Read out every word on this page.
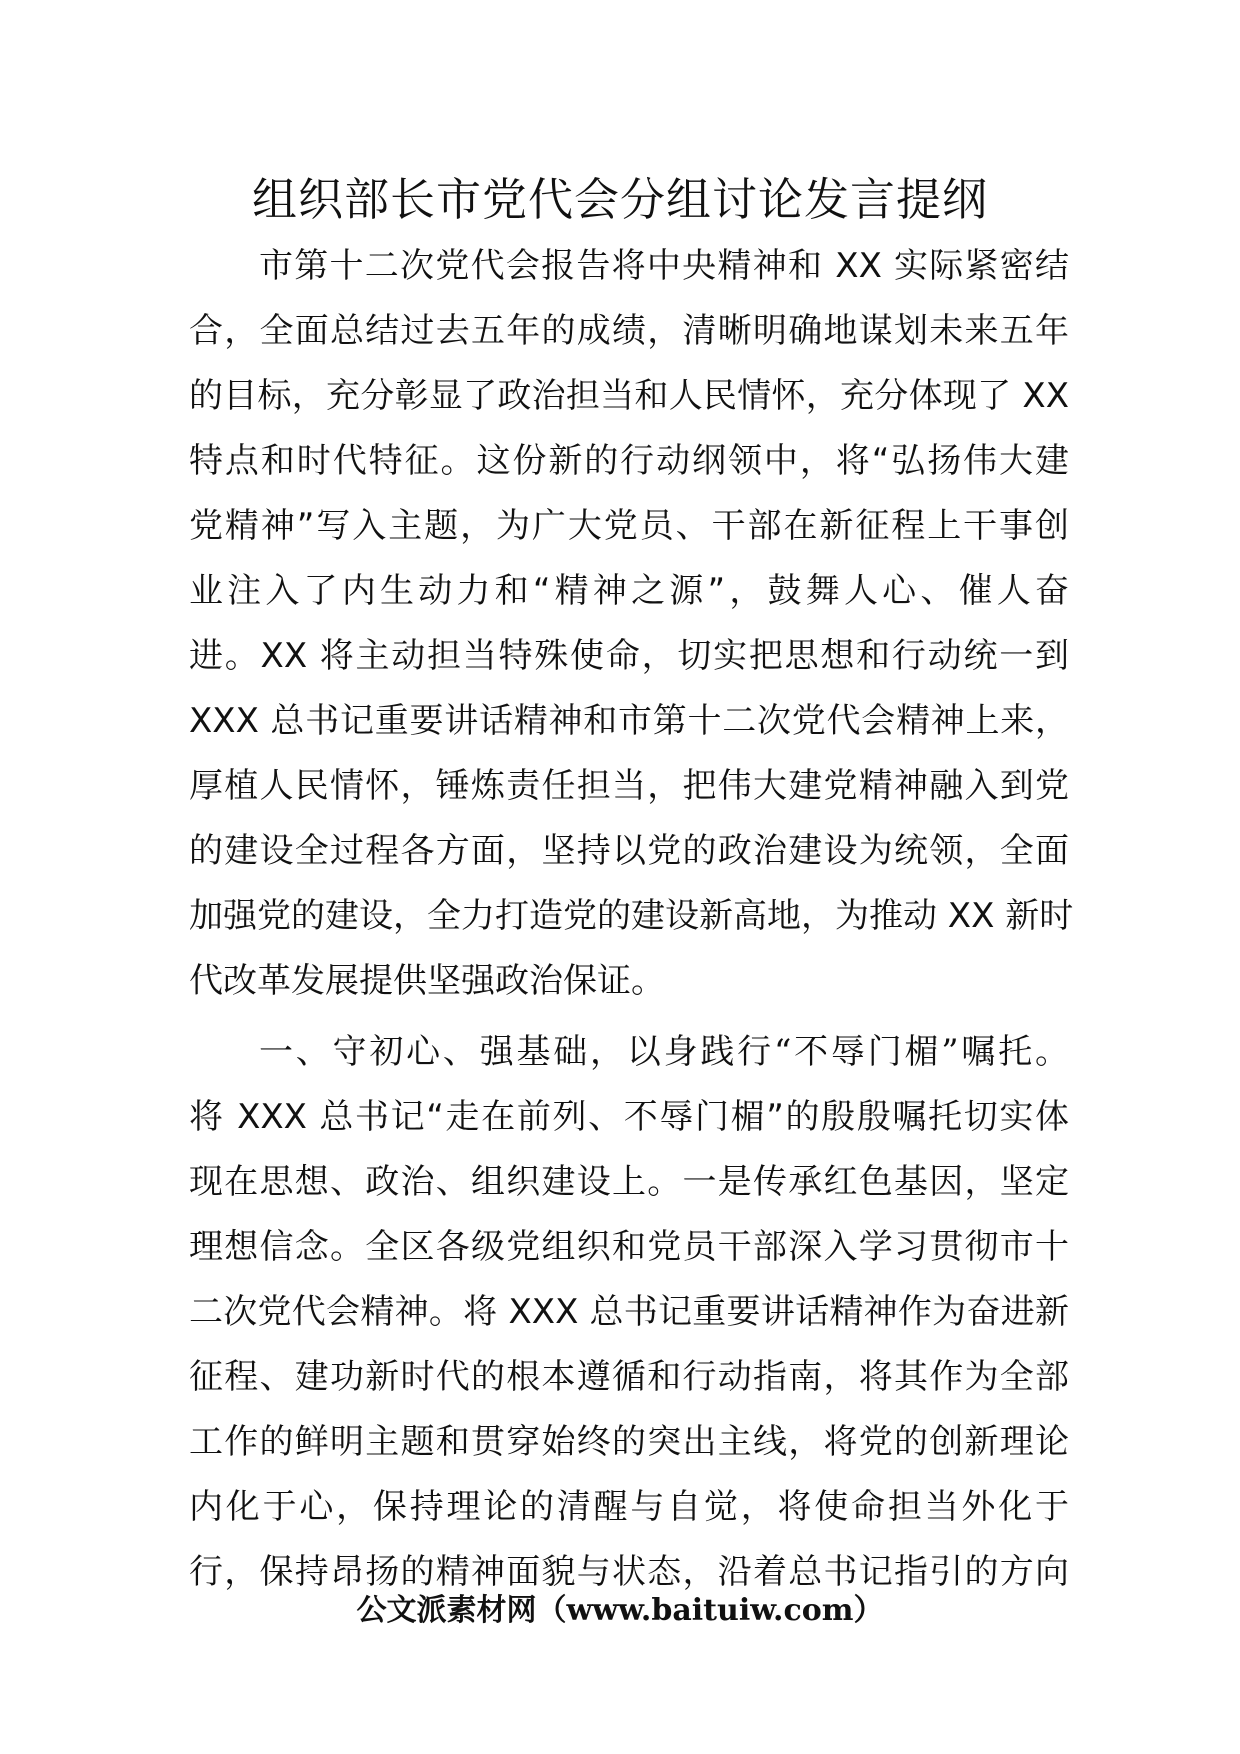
组织部长市党代会分组讨论发言提纲
市第十二次党代会报告将中央精神和 XX 实际紧密结
合，全面总结过去五年的成绩，清晰明确地谋划未来五年
的目标，充分彰显了政治担当和人民情怀，充分体现了 XX
特点和时代特征。这份新的行动纲领中，将“弘扬伟大建
党精神”写入主题，为广大党员、干部在新征程上干事创
业注入了内生动力和“精神之源”，鼓舞人心、催人奋
进。XX 将主动担当特殊使命，切实把思想和行动统一到
XXX 总书记重要讲话精神和市第十二次党代会精神上来，
厚植人民情怀，锤炼责任担当，把伟大建党精神融入到党
的建设全过程各方面，坚持以党的政治建设为统领，全面
加强党的建设，全力打造党的建设新高地，为推动 XX 新时
代改革发展提供坚强政治保证。
一、守初心、强基础，以身践行“不辱门楣”嘱托。
将 XXX 总书记“走在前列、不辱门楣”的殷殷嘱托切实体
现在思想、政治、组织建设上。一是传承红色基因，坚定
理想信念。全区各级党组织和党员干部深入学习贯彻市十
二次党代会精神。将 XXX 总书记重要讲话精神作为奋进新
征程、建功新时代的根本遵循和行动指南，将其作为全部
工作的鲜明主题和贯穿始终的突出主线，将党的创新理论
内化于心，保持理论的清醒与自觉，将使命担当外化于
行，保持昂扬的精神面貌与状态，沿着总书记指引的方向
公文派素材网（www.baituiw.com）
